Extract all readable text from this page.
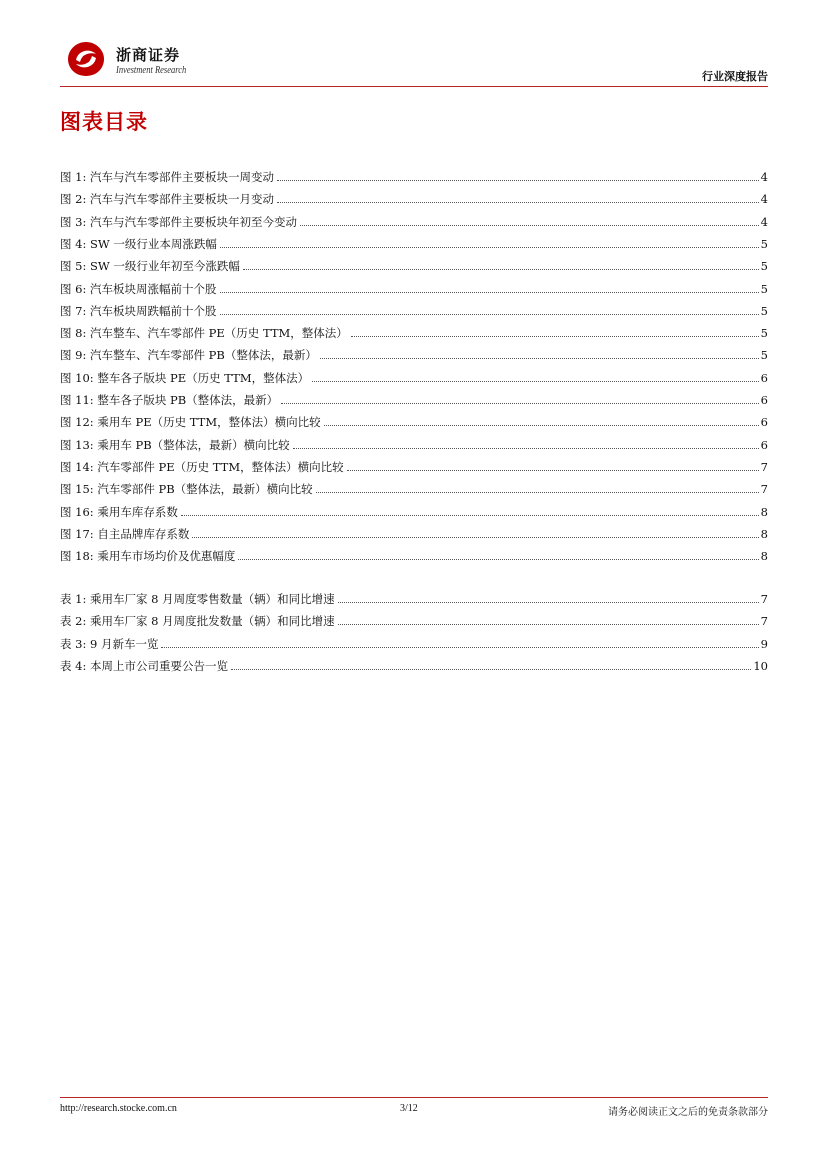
浙商证券
Investment Research	行业深度报告
图表目录
图 1: 汽车与汽车零部件主要板块一周变动	4
图 2: 汽车与汽车零部件主要板块一月变动	4
图 3: 汽车与汽车零部件主要板块年初至今变动	4
图 4: SW 一级行业本周涨跌幅	5
图 5: SW 一级行业年初至今涨跌幅	5
图 6: 汽车板块周涨幅前十个股	5
图 7: 汽车板块周跌幅前十个股	5
图 8: 汽车整车、汽车零部件 PE（历史 TTM，整体法）	5
图 9: 汽车整车、汽车零部件 PB（整体法，最新）	5
图 10: 整车各子版块 PE（历史 TTM，整体法）	6
图 11: 整车各子版块 PB（整体法，最新）	6
图 12: 乘用车 PE（历史 TTM，整体法）横向比较	6
图 13: 乘用车 PB（整体法，最新）横向比较	6
图 14: 汽车零部件 PE（历史 TTM，整体法）横向比较	7
图 15: 汽车零部件 PB（整体法，最新）横向比较	7
图 16: 乘用车库存系数	8
图 17: 自主品牌库存系数	8
图 18: 乘用车市场均价及优惠幅度	8
表 1: 乘用车厂家 8 月周度零售数量（辆）和同比增速	7
表 2: 乘用车厂家 8 月周度批发数量（辆）和同比增速	7
表 3: 9 月新车一览	9
表 4: 本周上市公司重要公告一览	10
http://research.stocke.com.cn	3/12	请务必阅读正文之后的免责条款部分
